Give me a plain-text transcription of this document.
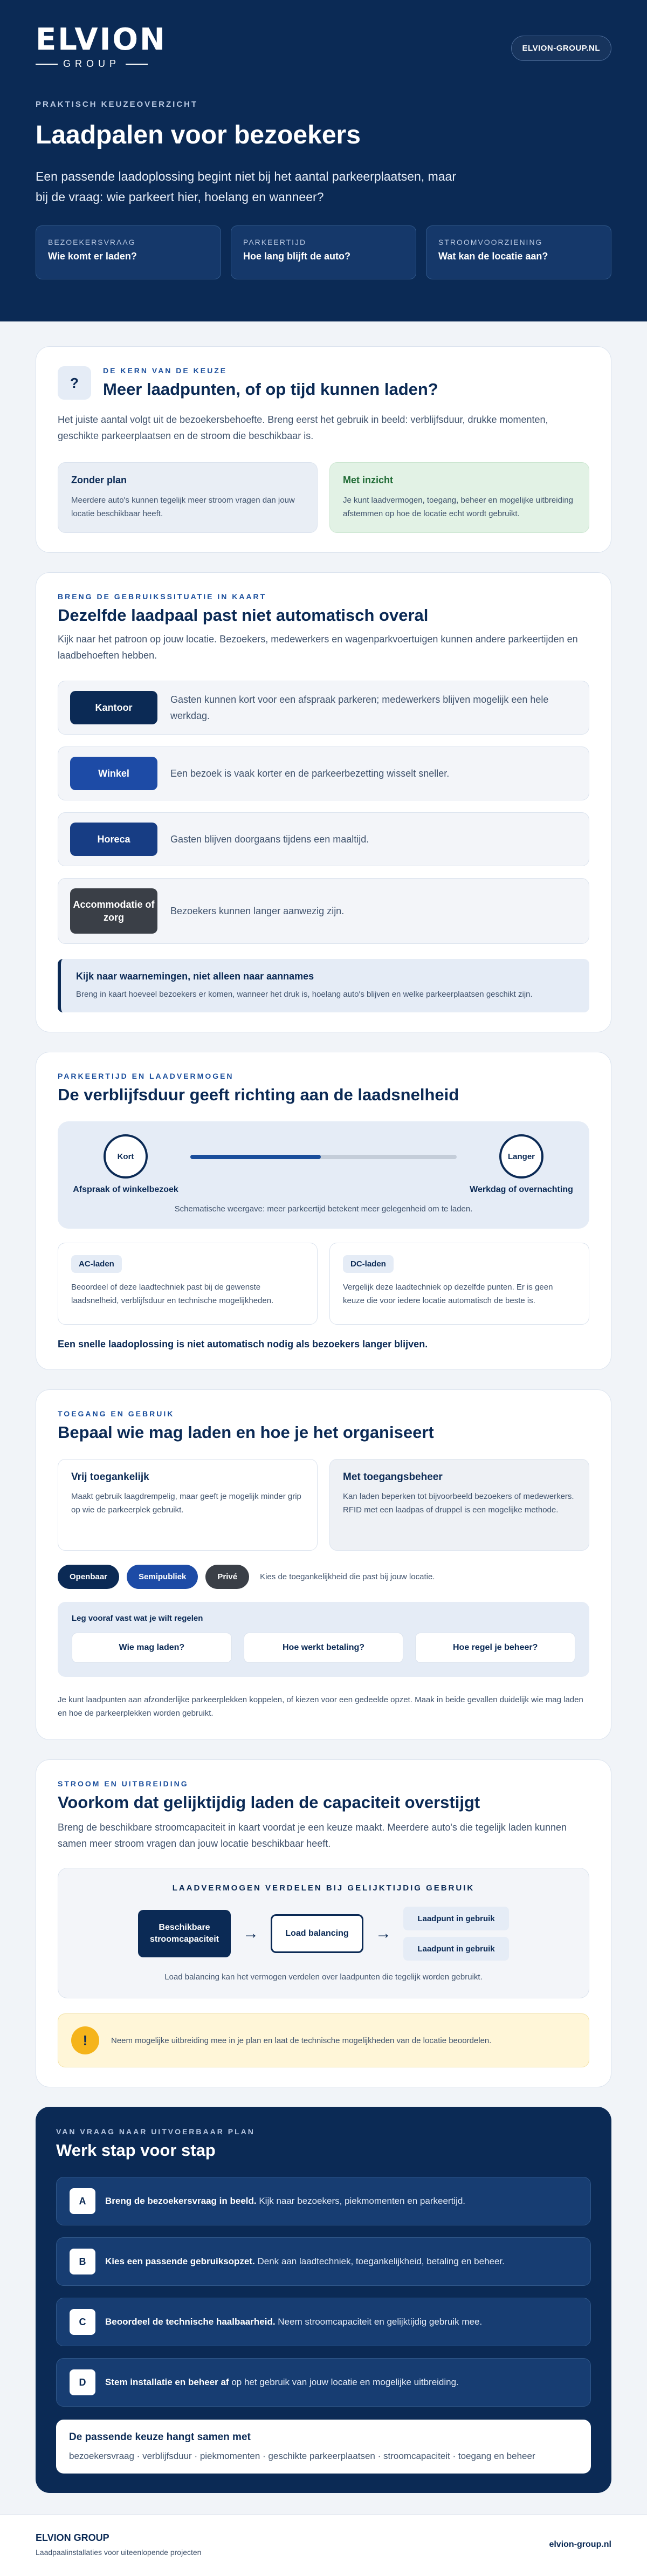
ELVION
GROUP
ELVION-GROUP.NL
PRAKTISCH KEUZEOVERZICHT
Laadpalen voor bezoekers

Een passende laadoplossing begint niet bij het aantal parkeerplaatsen, maar bij de vraag: wie parkeert hier, hoelang en wanneer?

BEZOEKERSVRAAG
Wie komt er laden?
PARKEERTIJD
Hoe lang blijft de auto?
STROOMVOORZIENING
Wat kan de locatie aan?
?
DE KERN VAN DE KEUZE
Meer laadpunten, of op tijd kunnen laden?

Het juiste aantal volgt uit de bezoekersbehoefte. Breng eerst het gebruik in beeld: verblijfsduur, drukke momenten, geschikte parkeerplaatsen en de stroom die beschikbaar is.

Zonder plan
Meerdere auto's kunnen tegelijk meer stroom vragen dan jouw locatie beschikbaar heeft.
Met inzicht
Je kunt laadvermogen, toegang, beheer en mogelijke uitbreiding afstemmen op hoe de locatie echt wordt gebruikt.
BRENG DE GEBRUIKSSITUATIE IN KAART
Dezelfde laadpaal past niet automatisch overal

Kijk naar het patroon op jouw locatie. Bezoekers, medewerkers en wagenparkvoertuigen kunnen andere parkeertijden en laadbehoeften hebben.

Kantoor
Gasten kunnen kort voor een afspraak parkeren; medewerkers blijven mogelijk een hele werkdag.
Winkel	Een bezoek is vaak korter en de parkeerbezetting wisselt sneller.
Horeca	Gasten blijven doorgaans tijdens een maaltijd.
Accommodatie of zorg
Bezoekers kunnen langer aanwezig zijn.
Kijk naar waarnemingen, niet alleen naar aannames
Breng in kaart hoeveel bezoekers er komen, wanneer het druk is, hoelang auto's blijven en welke parkeerplaatsen geschikt zijn.
PARKEERTIJD EN LAADVERMOGEN
De verblijfsduur geeft richting aan de laadsnelheid
Kort
Afspraak of winkelbezoek
Langer
Werkdag of overnachting
Schematische weergave: meer parkeertijd betekent meer gelegenheid om te laden.
AC-laden
Beoordeel of deze laadtechniek past bij de gewenste laadsnelheid, verblijfsduur en technische mogelijkheden.
DC-laden
Vergelijk deze laadtechniek op dezelfde punten. Er is geen keuze die voor iedere locatie automatisch de beste is.
Een snelle laadoplossing is niet automatisch nodig als bezoekers langer blijven.
TOEGANG EN GEBRUIK
Bepaal wie mag laden en hoe je het organiseert
Vrij toegankelijk
Maakt gebruik laagdrempelig, maar geeft je mogelijk minder grip op wie de parkeerplek gebruikt.
Met toegangsbeheer
Kan laden beperken tot bijvoorbeeld bezoekers of medewerkers. RFID met een laadpas of druppel is een mogelijke methode.
Openbaar	Semipubliek	Privé	Kies de toegankelijkheid die past bij jouw locatie.
Leg vooraf vast wat je wilt regelen
Wie mag laden?	Hoe werkt betaling?	Hoe regel je beheer?

Je kunt laadpunten aan afzonderlijke parkeerplekken koppelen, of kiezen voor een gedeelde opzet. Maak in beide gevallen duidelijk wie mag laden en hoe de parkeerplekken worden gebruikt.

STROOM EN UITBREIDING
Voorkom dat gelijktijdig laden de capaciteit overstijgt

Breng de beschikbare stroomcapaciteit in kaart voordat je een keuze maakt. Meerdere auto's die tegelijk laden kunnen samen meer stroom vragen dan jouw locatie beschikbaar heeft.

LAADVERMOGEN VERDELEN BIJ GELIJKTIJDIG GEBRUIK
Beschikbare stroomcapaciteit	→	Load balancing	→
Laadpunt in gebruik
Laadpunt in gebruik
Load balancing kan het vermogen verdelen over laadpunten die tegelijk worden gebruikt.
!	Neem mogelijke uitbreiding mee in je plan en laat de technische mogelijkheden van de locatie beoordelen.
VAN VRAAG NAAR UITVOERBAAR PLAN
Werk stap voor stap
A	Breng de bezoekersvraag in beeld. Kijk naar bezoekers, piekmomenten en parkeertijd.
B	Kies een passende gebruiksopzet. Denk aan laadtechniek, toegankelijkheid, betaling en beheer.
C	Beoordeel de technische haalbaarheid. Neem stroomcapaciteit en gelijktijdig gebruik mee.
D	Stem installatie en beheer af op het gebruik van jouw locatie en mogelijke uitbreiding.
De passende keuze hangt samen met
bezoekersvraag · verblijfsduur · piekmomenten · geschikte parkeerplaatsen · stroomcapaciteit · toegang en beheer
ELVION GROUP
Laadpaalinstallaties voor uiteenlopende projecten
elvion-group.nl
